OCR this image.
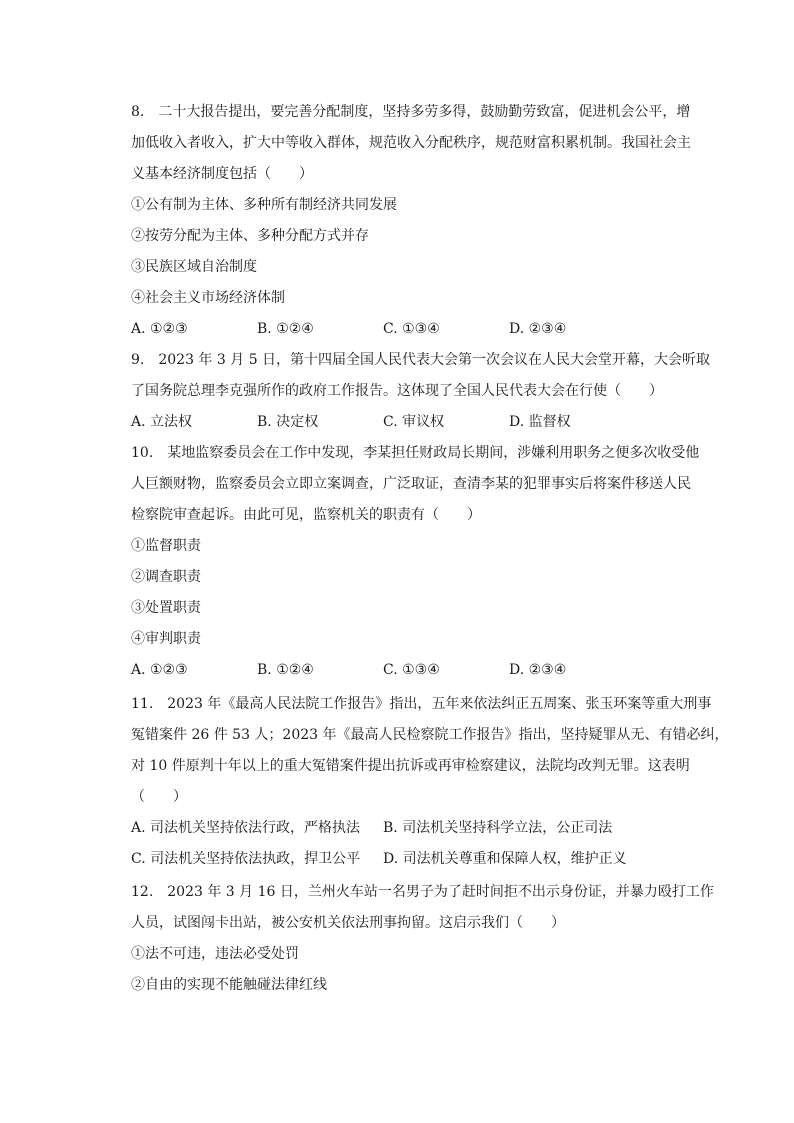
8.  二十大报告提出，要完善分配制度，坚持多劳多得，鼓励勤劳致富，促进机会公平，增
加低收入者收入，扩大中等收入群体，规范收入分配秩序，规范财富积累机制。我国社会主
义基本经济制度包括（　　）
①公有制为主体、多种所有制经济共同发展
②按劳分配为主体、多种分配方式并存
③民族区域自治制度
④社会主义市场经济体制
A. ①②③	B. ①②④	C. ①③④	D. ②③④
9.  2023 年 3 月 5 日，第十四届全国人民代表大会第一次会议在人民大会堂开幕，大会听取
了国务院总理李克强所作的政府工作报告。这体现了全国人民代表大会在行使（　　）
A. 立法权	B. 决定权	C. 审议权	D. 监督权
10.  某地监察委员会在工作中发现，李某担任财政局长期间，涉嫌利用职务之便多次收受他
人巨额财物，监察委员会立即立案调查，广泛取证，查清李某的犯罪事实后将案件移送人民
检察院审查起诉。由此可见，监察机关的职责有（　　）
①监督职责
②调查职责
③处置职责
④审判职责
A. ①②③	B. ①②④	C. ①③④	D. ②③④
11.  2023 年《最高人民法院工作报告》指出，五年来依法纠正五周案、张玉环案等重大刑事
冤错案件 26 件 53 人；2023 年《最高人民检察院工作报告》指出，坚持疑罪从无、有错必纠，
对 10 件原判十年以上的重大冤错案件提出抗诉或再审检察建议，法院均改判无罪。这表明
（　　）
A. 司法机关坚持依法行政，严格执法	B. 司法机关坚持科学立法，公正司法
C. 司法机关坚持依法执政，捍卫公平	D. 司法机关尊重和保障人权，维护正义
12.  2023 年 3 月 16 日，兰州火车站一名男子为了赶时间拒不出示身份证，并暴力殴打工作
人员，试图闯卡出站，被公安机关依法刑事拘留。这启示我们（　　）
①法不可违，违法必受处罚
②自由的实现不能触碰法律红线
